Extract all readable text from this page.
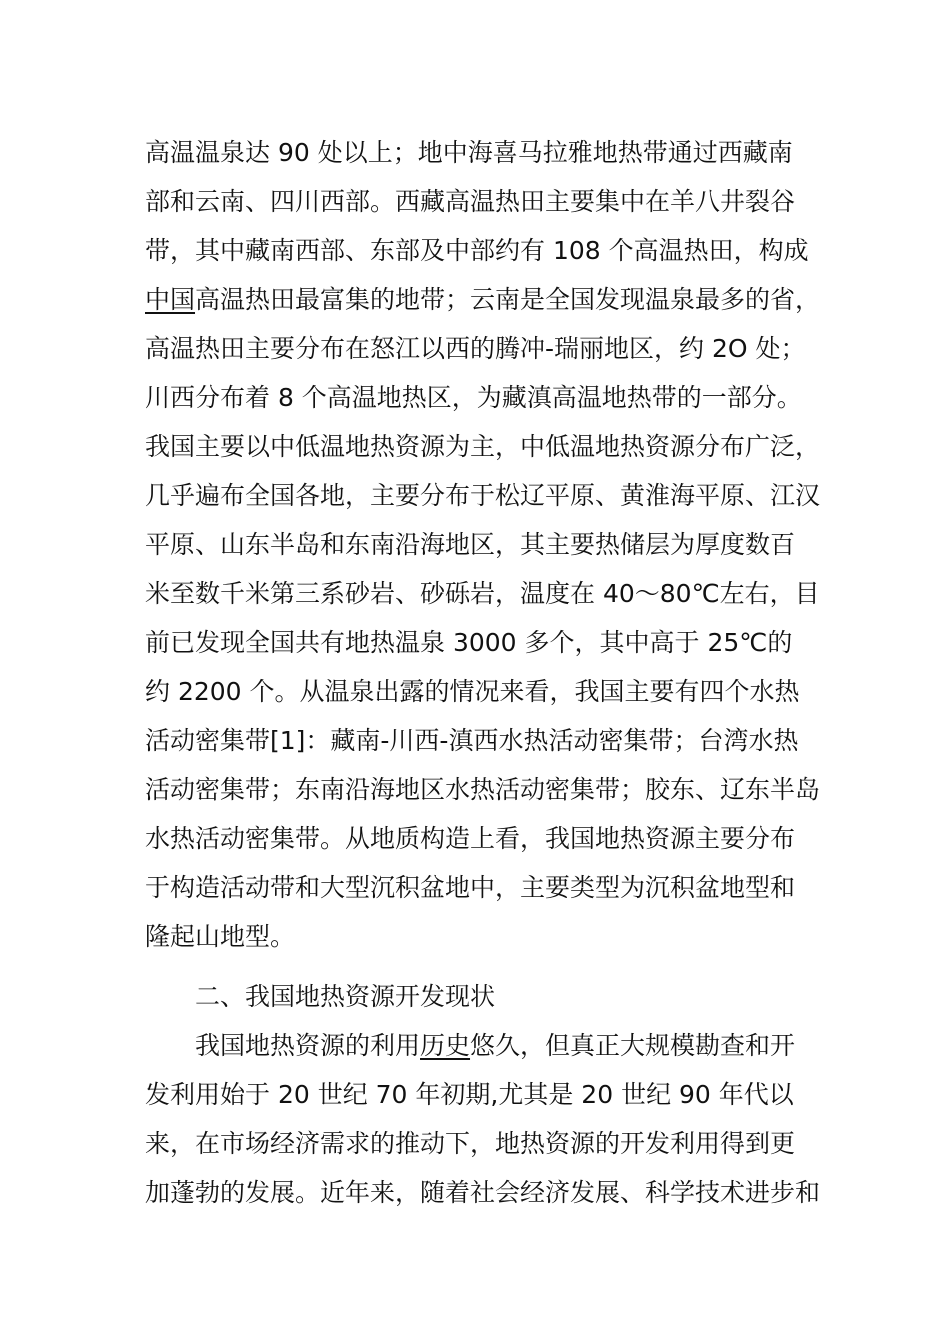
高温温泉达 90 处以上；地中海喜马拉雅地热带通过西藏南
部和云南、四川西部。西藏高温热田主要集中在羊八井裂谷
带，其中藏南西部、东部及中部约有 108 个高温热田，构成
中国高温热田最富集的地带；云南是全国发现温泉最多的省，
高温热田主要分布在怒江以西的腾冲-瑞丽地区，约 2O 处；
川西分布着 8 个高温地热区，为藏滇高温地热带的一部分。
我国主要以中低温地热资源为主，中低温地热资源分布广泛，
几乎遍布全国各地，主要分布于松辽平原、黄淮海平原、江汉
平原、山东半岛和东南沿海地区，其主要热储层为厚度数百
米至数千米第三系砂岩、砂砾岩，温度在 40～80℃左右，目
前已发现全国共有地热温泉 3000 多个，其中高于 25℃的
约 2200 个。从温泉出露的情况来看，我国主要有四个水热
活动密集带[1]：藏南-川西-滇西水热活动密集带；台湾水热
活动密集带；东南沿海地区水热活动密集带；胶东、辽东半岛
水热活动密集带。从地质构造上看，我国地热资源主要分布
于构造活动带和大型沉积盆地中，主要类型为沉积盆地型和
隆起山地型。
二、我国地热资源开发现状
我国地热资源的利用历史悠久，但真正大规模勘查和开
发利用始于 20 世纪 70 年初期,尤其是 20 世纪 90 年代以
来，在市场经济需求的推动下，地热资源的开发利用得到更
加蓬勃的发展。近年来，随着社会经济发展、科学技术进步和
